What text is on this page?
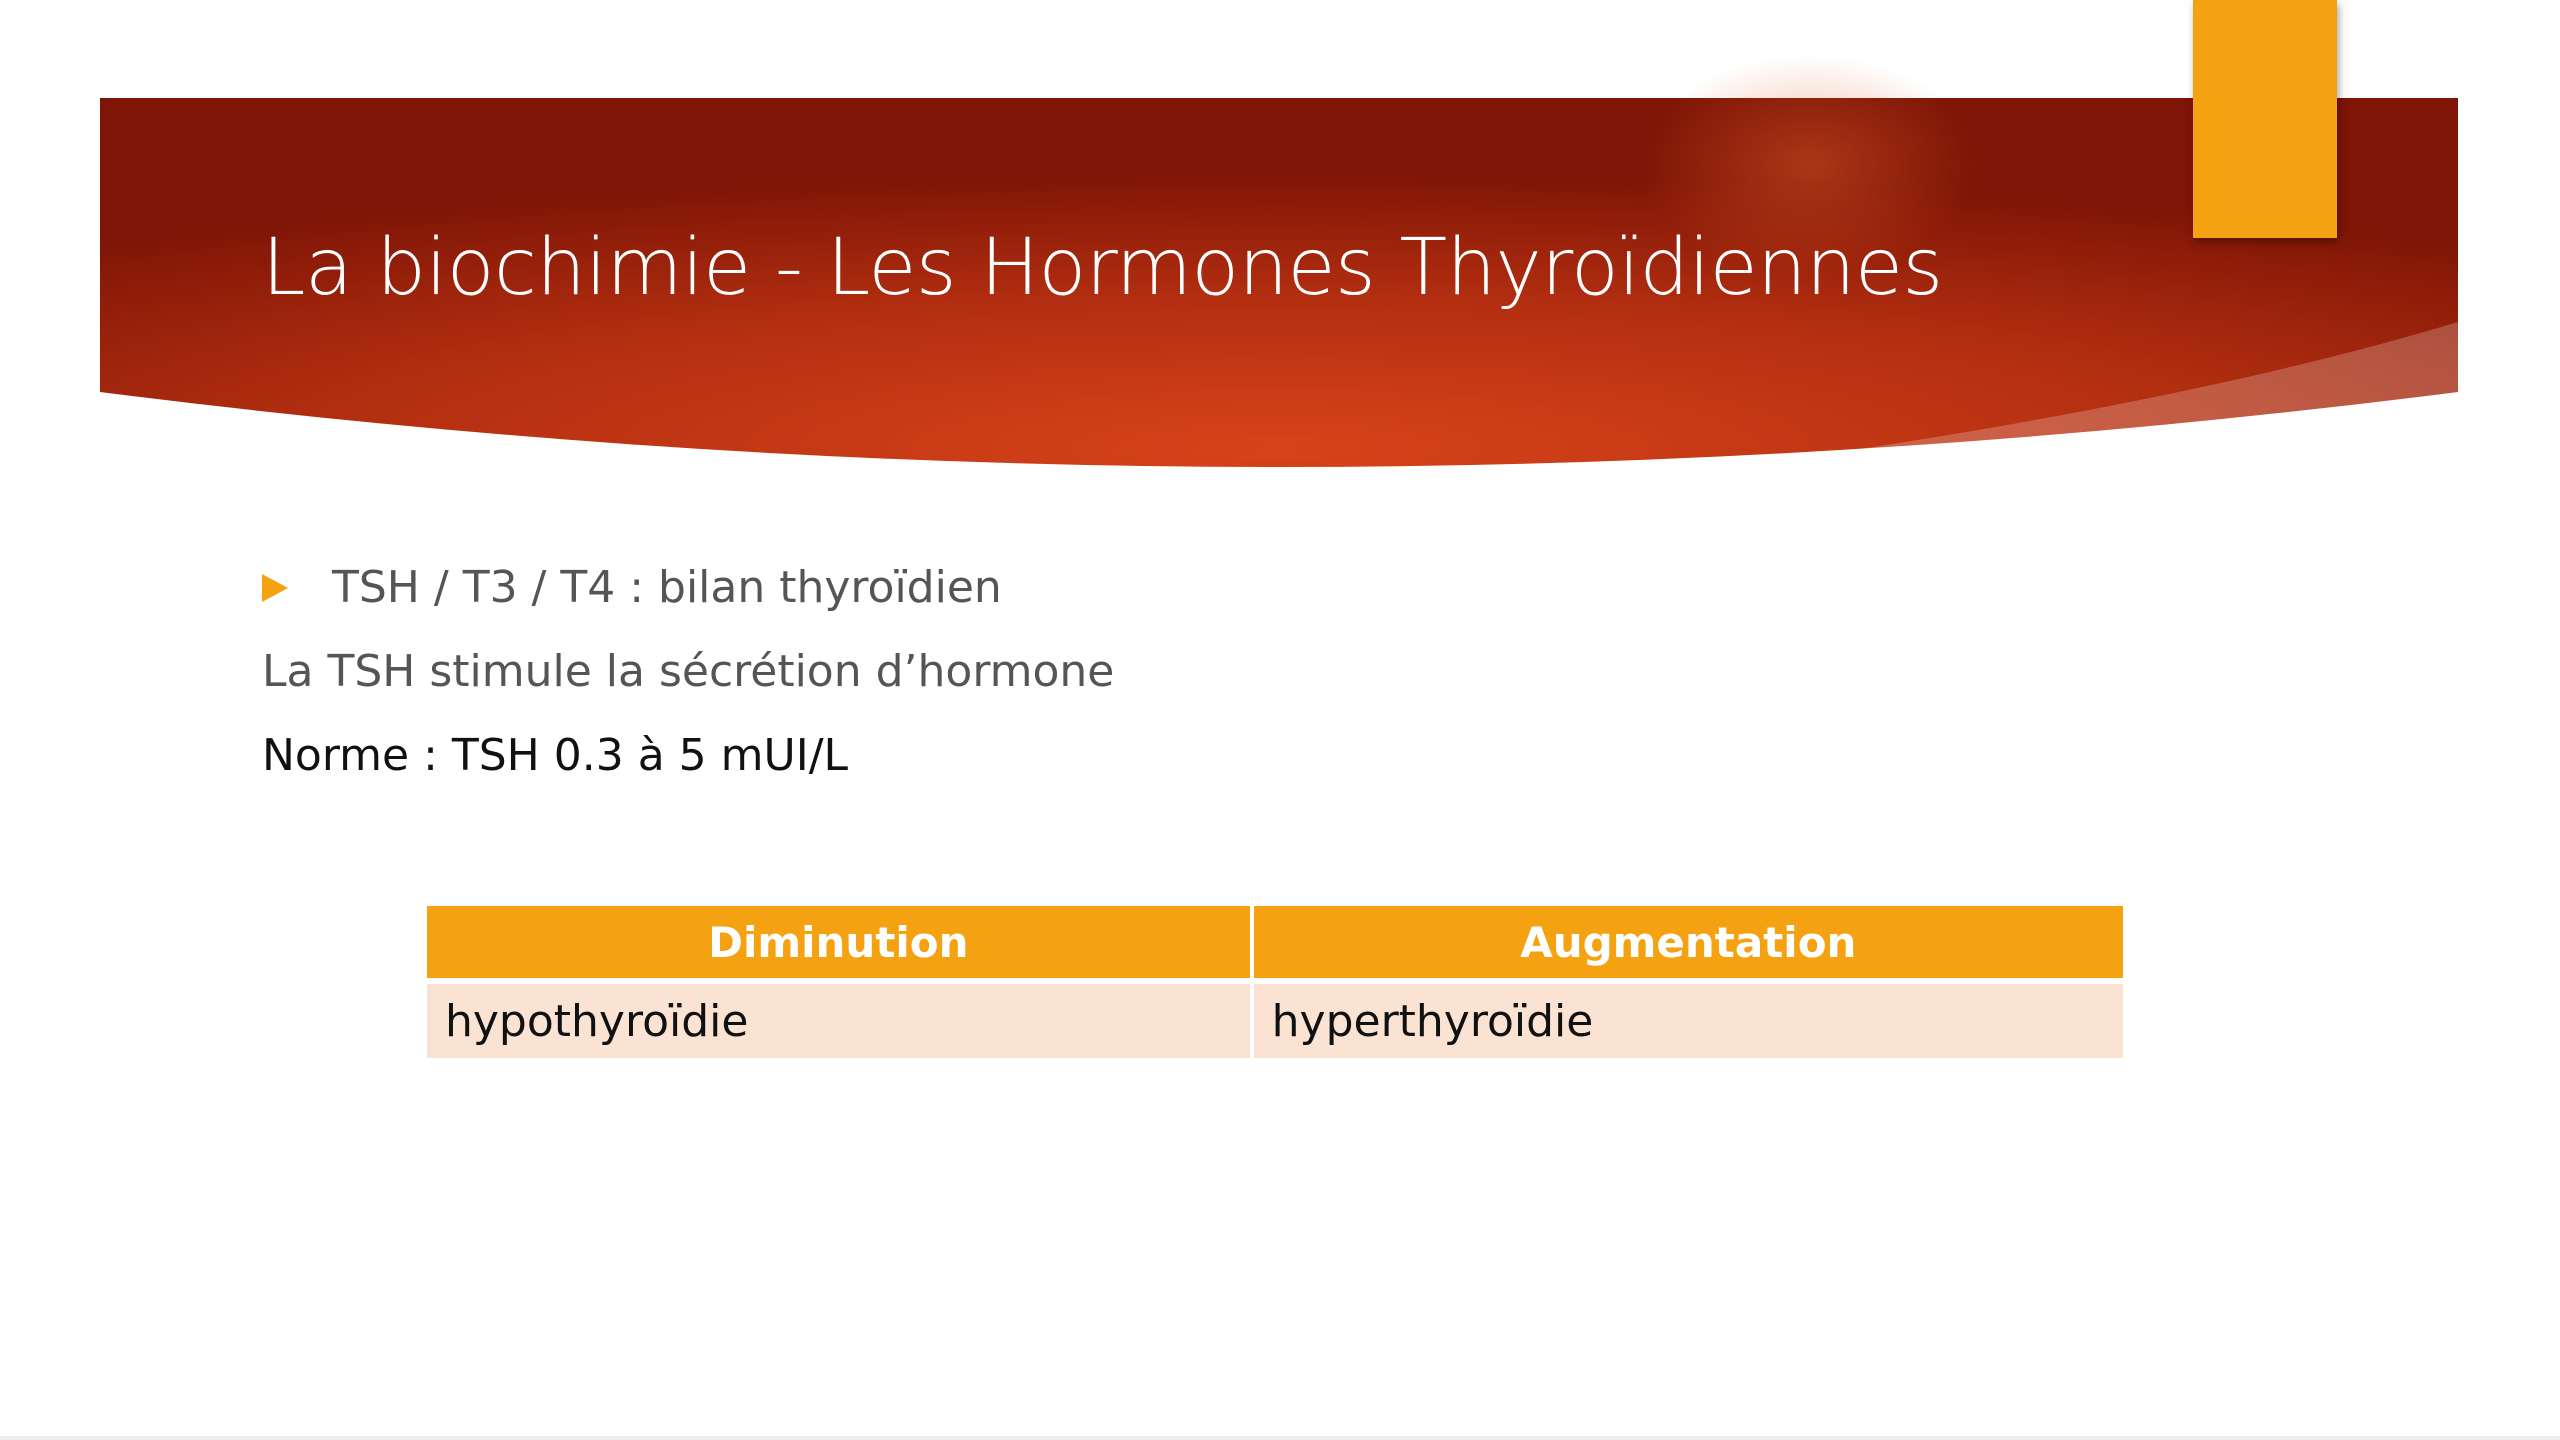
La biochimie - Les Hormones Thyroïdiennes
TSH / T3 / T4 : bilan thyroïdien
La TSH stimule la sécrétion d’hormone
Norme : TSH 0.3 à 5 mUI/L
Diminution	Augmentation
hypothyroïdie	hyperthyroïdie
